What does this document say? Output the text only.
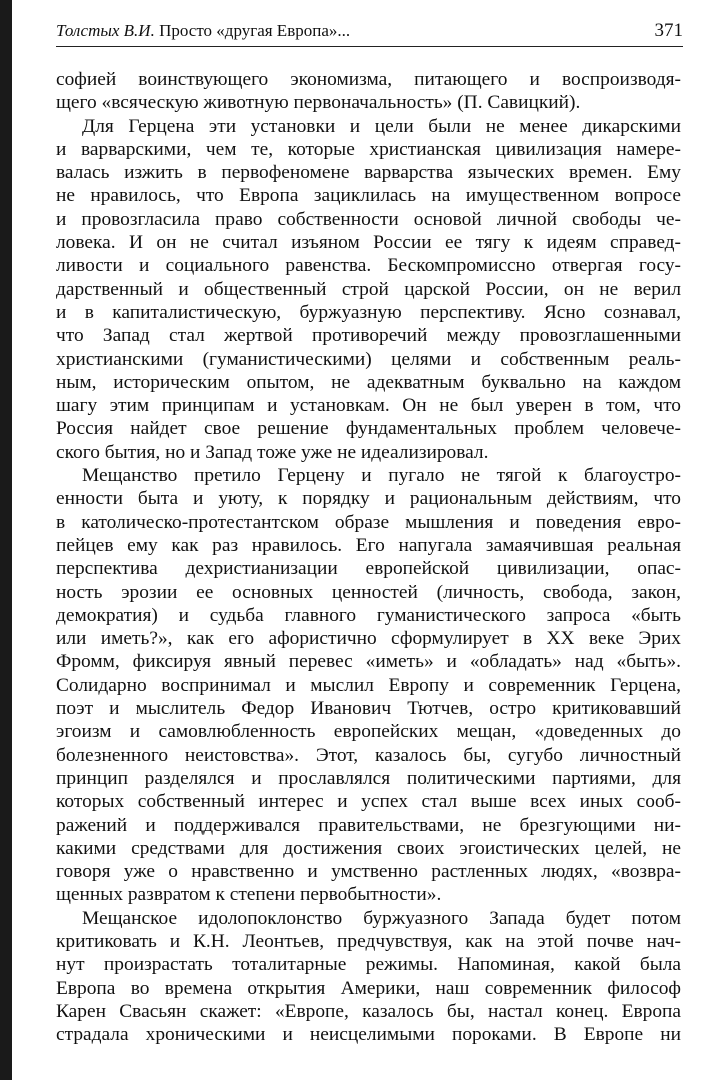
Толстых В.И. Просто «другая Европа»...	371
софией воинствующего экономизма, питающего и воспроизводя-
щего «всяческую животную первоначальность» (П. Савицкий).
Для Герцена эти установки и цели были не менее дикарскими
и варварскими, чем те, которые христианская цивилизация намере-
валась изжить в первофеномене варварства языческих времен. Ему
не нравилось, что Европа зациклилась на имущественном вопросе
и провозгласила право собственности основой личной свободы че-
ловека. И он не считал изъяном России ее тягу к идеям справед-
ливости и социального равенства. Бескомпромиссно отвергая госу-
дарственный и общественный строй царской России, он не верил
и в капиталистическую, буржуазную перспективу. Ясно сознавал,
что Запад стал жертвой противоречий между провозглашенными
христианскими (гуманистическими) целями и собственным реаль-
ным, историческим опытом, не адекватным буквально на каждом
шагу этим принципам и установкам. Он не был уверен в том, что
Россия найдет свое решение фундаментальных проблем человече-
ского бытия, но и Запад тоже уже не идеализировал.
Мещанство претило Герцену и пугало не тягой к благоустро-
енности быта и уюту, к порядку и рациональным действиям, что
в католическо-протестантском образе мышления и поведения евро-
пейцев ему как раз нравилось. Его напугала замаячившая реальная
перспектива дехристианизации европейской цивилизации, опас-
ность эрозии ее основных ценностей (личность, свобода, закон,
демократия) и судьба главного гуманистического запроса «быть
или иметь?», как его афористично сформулирует в XX веке Эрих
Фромм, фиксируя явный перевес «иметь» и «обладать» над «быть».
Солидарно воспринимал и мыслил Европу и современник Герцена,
поэт и мыслитель Федор Иванович Тютчев, остро критиковавший
эгоизм и самовлюбленность европейских мещан, «доведенных до
болезненного неистовства». Этот, казалось бы, сугубо личностный
принцип разделялся и прославлялся политическими партиями, для
которых собственный интерес и успех стал выше всех иных сооб-
ражений и поддерживался правительствами, не брезгующими ни-
какими средствами для достижения своих эгоистических целей, не
говоря уже о нравственно и умственно растленных людях, «возвра-
щенных развратом к степени первобытности».
Мещанское идолопоклонство буржуазного Запада будет потом
критиковать и К.Н. Леонтьев, предчувствуя, как на этой почве нач-
нут произрастать тоталитарные режимы. Напоминая, какой была
Европа во времена открытия Америки, наш современник философ
Карен Свасьян скажет: «Европе, казалось бы, настал конец. Европа
страдала хроническими и неисцелимыми пороками. В Европе ни
